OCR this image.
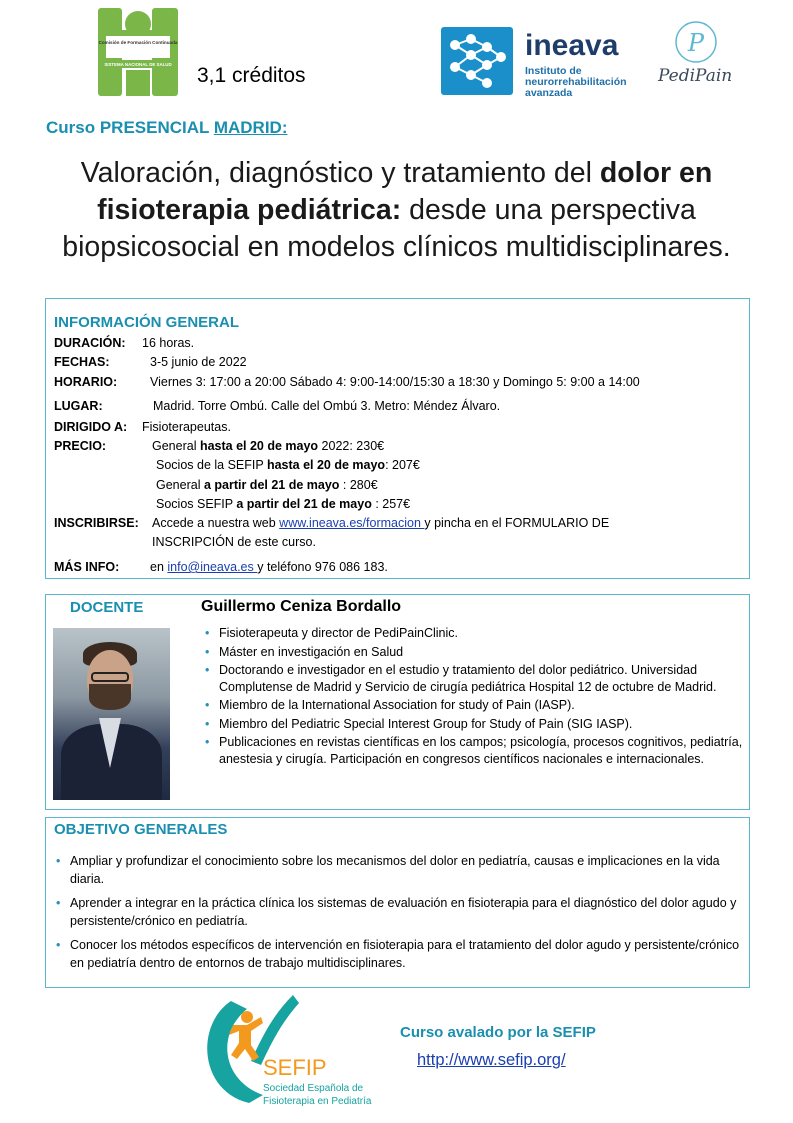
Comisión de Formación Continuada
SISTEMA NACIONAL DE SALUD 3,1 créditos
ineava
Instituto de
neurorrehabilitación
avanzada
P
PediPain
Curso PRESENCIAL MADRID:
Valoración, diagnóstico y tratamiento del dolor en fisioterapia pediátrica: desde una perspectiva biopsicosocial en modelos clínicos multidisciplinares.
INFORMACIÓN GENERAL
DURACIÓN: 16 horas.
FECHAS:	3-5 junio de 2022
HORARIO:	Viernes 3: 17:00 a 20:00 Sábado 4: 9:00-14:00/15:30 a 18:30 y Domingo 5: 9:00 a 14:00
LUGAR:	Madrid. Torre Ombú. Calle del Ombú 3. Metro: Méndez Álvaro.
DIRIGIDO A: Fisioterapeutas.
PRECIO:	General hasta el 20 de mayo 2022: 230€
Socios de la SEFIP hasta el 20 de mayo: 207€
General a partir del 21 de mayo : 280€
Socios SEFIP a partir del 21 de mayo : 257€
INSCRIBIRSE: Accede a nuestra web www.ineava.es/formacion y pincha en el FORMULARIO DE
INSCRIPCIÓN de este curso.
MÁS INFO: en info@ineava.es y teléfono 976 086 183.
DOCENTE	Guillermo Ceniza Bordallo
• Fisioterapeuta y director de PediPainClinic.
• Máster en investigación en Salud
• Doctorando e investigador en el estudio y tratamiento del dolor pediátrico. Universidad Complutense de Madrid y Servicio de cirugía pediátrica Hospital 12 de octubre de Madrid.
• Miembro de la International Association for study of Pain (IASP).
• Miembro del Pediatric Special Interest Group for Study of Pain (SIG IASP).
• Publicaciones en revistas científicas en los campos; psicología, procesos cognitivos, pediatría, anestesia y cirugía. Participación en congresos científicos nacionales e internacionales.
OBJETIVO GENERALES
• Ampliar y profundizar el conocimiento sobre los mecanismos del dolor en pediatría, causas e implicaciones en la vida diaria.
• Aprender a integrar en la práctica clínica los sistemas de evaluación en fisioterapia para el diagnóstico del dolor agudo y persistente/crónico en pediatría.
• Conocer los métodos específicos de intervención en fisioterapia para el tratamiento del dolor agudo y persistente/crónico en pediatría dentro de entornos de trabajo multidisciplinares.
SEFIP
Sociedad Española de
Fisioterapia en Pediatría
Curso avalado por la SEFIP
http://www.sefip.org/
